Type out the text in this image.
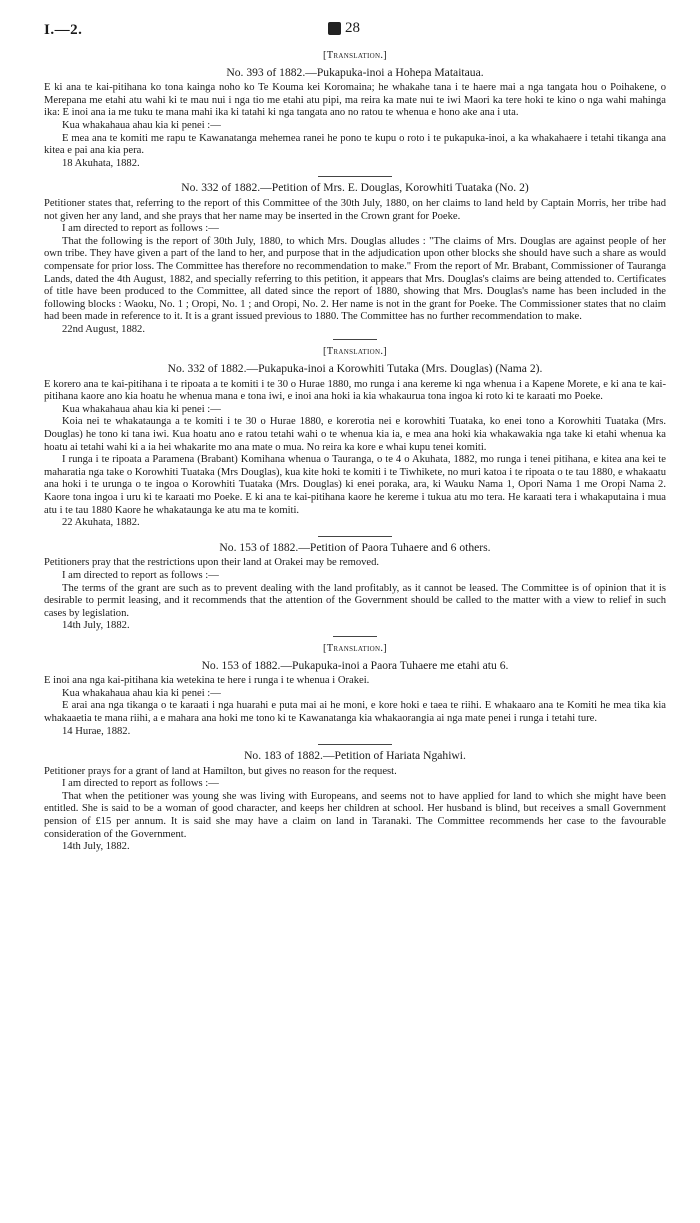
I.—2.	28

[Translation.]

No. 393 of 1882.—Pukapuka-inoi a Hohepa Mataitaua.

E ki ana te kai-pitihana ko tona kainga noho ko Te Kouma kei Koromaina; he whakahe tana i te haere mai a nga tangata hou o Poihakene, o Merepana me etahi atu wahi ki te mau nui i nga tio me etahi atu pipi, ma reira ka mate nui te iwi Maori ka tere hoki te kino o nga wahi mahinga ika: E inoi ana ia me tuku te mana mahi ika ki tatahi ki nga tangata ano no ratou te whenua e hono ake ana i uta.

Kua whakahaua ahau kia ki penei :—

E mea ana te komiti me rapu te Kawanatanga mehemea ranei he pono te kupu o roto i te pukapuka-inoi, a ka whakahaere i tetahi tikanga ana kitea e pai ana kia pera.

18 Akuhata, 1882.

No. 332 of 1882.—Petition of Mrs. E. Douglas, Korowhiti Tuataka (No. 2)

Petitioner states that, referring to the report of this Committee of the 30th July, 1880, on her claims to land held by Captain Morris, her tribe had not given her any land, and she prays that her name may be inserted in the Crown grant for Poeke.

I am directed to report as follows :—

That the following is the report of 30th July, 1880, to which Mrs. Douglas alludes : "The claims of Mrs. Douglas are against people of her own tribe. They have given a part of the land to her, and purpose that in the adjudication upon other blocks she should have such a share as would compensate for prior loss. The Committee has therefore no recommendation to make." From the report of Mr. Brabant, Commissioner of Tauranga Lands, dated the 4th August, 1882, and specially referring to this petition, it appears that Mrs. Douglas's claims are being attended to. Certificates of title have been produced to the Committee, all dated since the report of 1880, showing that Mrs. Douglas's name has been included in the following blocks : Waoku, No. 1 ; Oropi, No. 1 ; and Oropi, No. 2. Her name is not in the grant for Poeke. The Commissioner states that no claim had been made in reference to it. It is a grant issued previous to 1880. The Committee has no further recommendation to make.

22nd August, 1882.

[Translation.]

No. 332 of 1882.—Pukapuka-inoi a Korowhiti Tutaka (Mrs. Douglas) (Nama 2).

E korero ana te kai-pitihana i te ripoata a te komiti i te 30 o Hurae 1880, mo runga i ana kereme ki nga whenua i a Kapene Morete, e ki ana te kai-pitihana kaore ano kia hoatu he whenua mana e tona iwi, e inoi ana hoki ia kia whakaurua tona ingoa ki roto ki te karaati mo Poeke.

Kua whakahaua ahau kia ki penei :—

Koia nei te whakataunga a te komiti i te 30 o Hurae 1880, e korerotia nei e korowhiti Tuataka, ko enei tono a Korowhiti Tuataka (Mrs. Douglas) he tono ki tana iwi. Kua hoatu ano e ratou tetahi wahi o te whenua kia ia, e mea ana hoki kia whakawakia nga take ki etahi whenua ka hoatu ai tetahi wahi ki a ia hei whakarite mo ana mate o mua. No reira ka kore e whai kupu tenei komiti.

I runga i te ripoata a Paramena (Brabant) Komihana whenua o Tauranga, o te 4 o Akuhata, 1882, mo runga i tenei pitihana, e kitea ana kei te maharatia nga take o Korowhiti Tuataka (Mrs Douglas), kua kite hoki te komiti i te Tiwhikete, no muri katoa i te ripoata o te tau 1880, e whakaatu ana hoki i te urunga o te ingoa o Korowhiti Tuataka (Mrs. Douglas) ki enei poraka, ara, ki Wauku Nama 1, Opori Nama 1 me Oropi Nama 2. Kaore tona ingoa i uru ki te karaati mo Poeke. E ki ana te kai-pitihana kaore he kereme i tukua atu mo tera. He karaati tera i whakaputaina i mua atu i te tau 1880 Kaore he whakataunga ke atu ma te komiti.

22 Akuhata, 1882.

No. 153 of 1882.—Petition of Paora Tuhaere and 6 others.

Petitioners pray that the restrictions upon their land at Orakei may be removed.

I am directed to report as follows :—

The terms of the grant are such as to prevent dealing with the land profitably, as it cannot be leased. The Committee is of opinion that it is desirable to permit leasing, and it recommends that the attention of the Government should be called to the matter with a view to relief in such cases by legislation.

14th July, 1882.

[Translation.]

No. 153 of 1882.—Pukapuka-inoi a Paora Tuhaere me etahi atu 6.

E inoi ana nga kai-pitihana kia wetekina te here i runga i te whenua i Orakei.

Kua whakahaua ahau kia ki penei :—

E arai ana nga tikanga o te karaati i nga huarahi e puta mai ai he moni, e kore hoki e taea te riihi. E whakaaro ana te Komiti he mea tika kia whakaaetia te mana riihi, a e mahara ana hoki me tono ki te Kawanatanga kia whakaorangia ai nga mate penei i runga i tetahi ture.

14 Hurae, 1882.

No. 183 of 1882.—Petition of Hariata Ngahiwi.

Petitioner prays for a grant of land at Hamilton, but gives no reason for the request.

I am directed to report as follows :—

That when the petitioner was young she was living with Europeans, and seems not to have applied for land to which she might have been entitled. She is said to be a woman of good character, and keeps her children at school. Her husband is blind, but receives a small Government pension of £15 per annum. It is said she may have a claim on land in Taranaki. The Committee recommends her case to the favourable consideration of the Government.

14th July, 1882.
